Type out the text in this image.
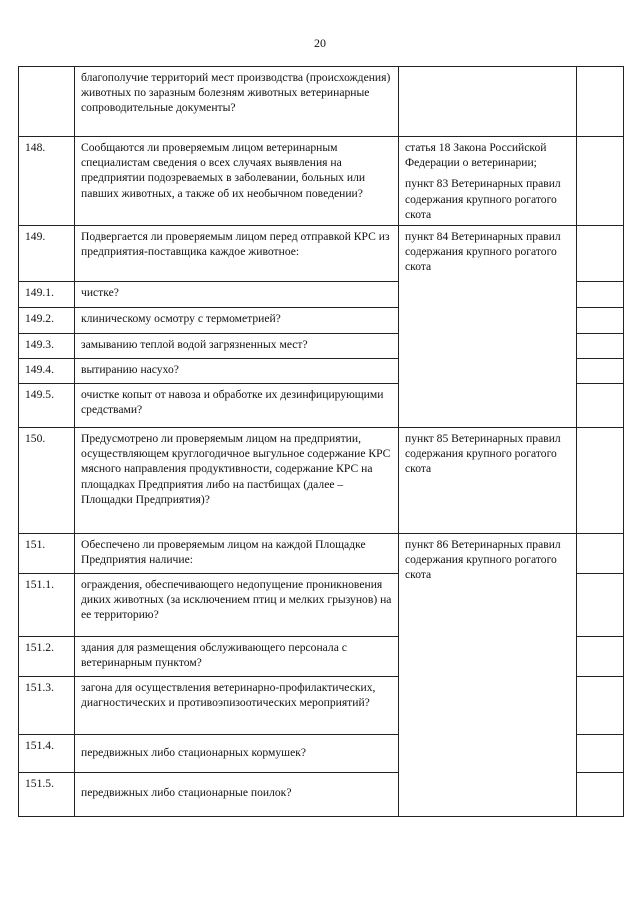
20
	благополучие территорий мест производства (происхождения) животных по заразным болезням животных ветеринарные сопроводительные документы?		
148.	Сообщаются ли проверяемым лицом ветеринарным специалистам сведения о всех случаях выявления на предприятии подозреваемых в заболевании, больных или павших животных, а также об их необычном поведении?	статья 18 Закона Российской Федерации о ветеринарии;
пункт 83 Ветеринарных правил содержания крупного рогатого скота	

149.	Подвергается ли проверяемым лицом перед отправкой КРС из предприятия-поставщика каждое животное:	пункт 84 Ветеринарных правил содержания крупного рогатого скота	
149.1.	чистке?		
149.2.	клиническому осмотру с термометрией?		
149.3.	замыванию теплой водой загрязненных мест?		
149.4.	вытиранию насухо?		
149.5.	очистке копыт от навоза и обработке их дезинфицирующими средствами?		
150.	Предусмотрено ли проверяемым лицом на предприятии, осуществляющем круглогодичное выгульное содержание КРС мясного направления продуктивности, содержание КРС на площадках Предприятия либо на пастбищах (далее – Площадки Предприятия)?	пункт 85 Ветеринарных правил содержания крупного рогатого скота	
151.	Обеспечено ли проверяемым лицом на каждой Площадке Предприятия наличие:	пункт 86 Ветеринарных правил содержания крупного рогатого скота	
151.1.	ограждения, обеспечивающего недопущение проникновения диких животных (за исключением птиц и мелких грызунов) на ее территорию?		
151.2.	здания для размещения обслуживающего персонала с ветеринарным пунктом?		
151.3.	загона для осуществления ветеринарно-профилактических, диагностических и противоэпизоотических мероприятий?		
151.4.	передвижных либо стационарных кормушек?		
151.5.	передвижных либо стационарные поилок?		
